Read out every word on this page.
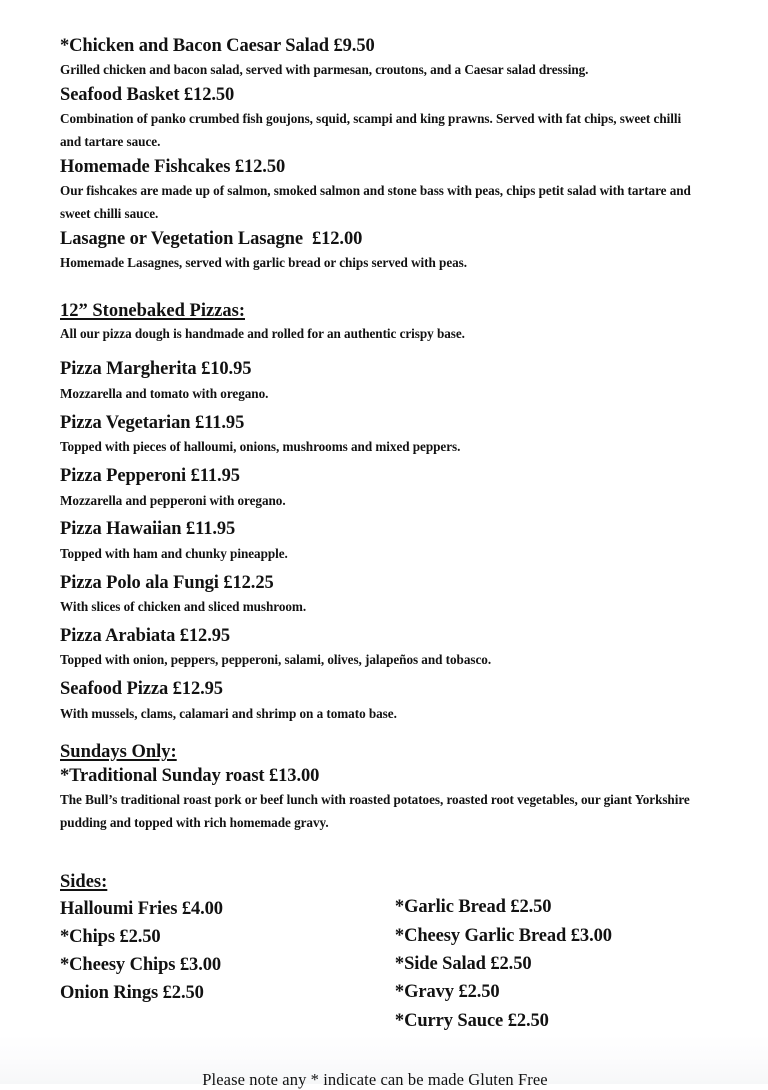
*Chicken and Bacon Caesar Salad £9.50
Grilled chicken and bacon salad, served with parmesan, croutons, and a Caesar salad dressing.
Seafood Basket £12.50
Combination of panko crumbed fish goujons, squid, scampi and king prawns. Served with fat chips, sweet chilli and tartare sauce.
Homemade Fishcakes £12.50
Our fishcakes are made up of salmon, smoked salmon and stone bass with peas, chips petit salad with tartare and sweet chilli sauce.
Lasagne or Vegetation Lasagne  £12.00
Homemade Lasagnes, served with garlic bread or chips served with peas.
12” Stonebaked Pizzas:
All our pizza dough is handmade and rolled for an authentic crispy base.
Pizza Margherita £10.95
Mozzarella and tomato with oregano.
Pizza Vegetarian £11.95
Topped with pieces of halloumi, onions, mushrooms and mixed peppers.
Pizza Pepperoni £11.95
Mozzarella and pepperoni with oregano.
Pizza Hawaiian £11.95
Topped with ham and chunky pineapple.
Pizza Polo ala Fungi £12.25
With slices of chicken and sliced mushroom.
Pizza Arabiata £12.95
Topped with onion, peppers, pepperoni, salami, olives, jalapeños and tobasco.
Seafood Pizza £12.95
With mussels, clams, calamari and shrimp on a tomato base.
Sundays Only:
*Traditional Sunday roast £13.00
The Bull’s traditional roast pork or beef lunch with roasted potatoes, roasted root vegetables, our giant Yorkshire pudding and topped with rich homemade gravy.
Sides:
Halloumi Fries £4.00
*Chips £2.50
*Cheesy Chips £3.00
Onion Rings £2.50
*Garlic Bread £2.50
*Cheesy Garlic Bread £3.00
*Side Salad £2.50
*Gravy £2.50
*Curry Sauce £2.50
Please note any * indicate can be made Gluten Free
